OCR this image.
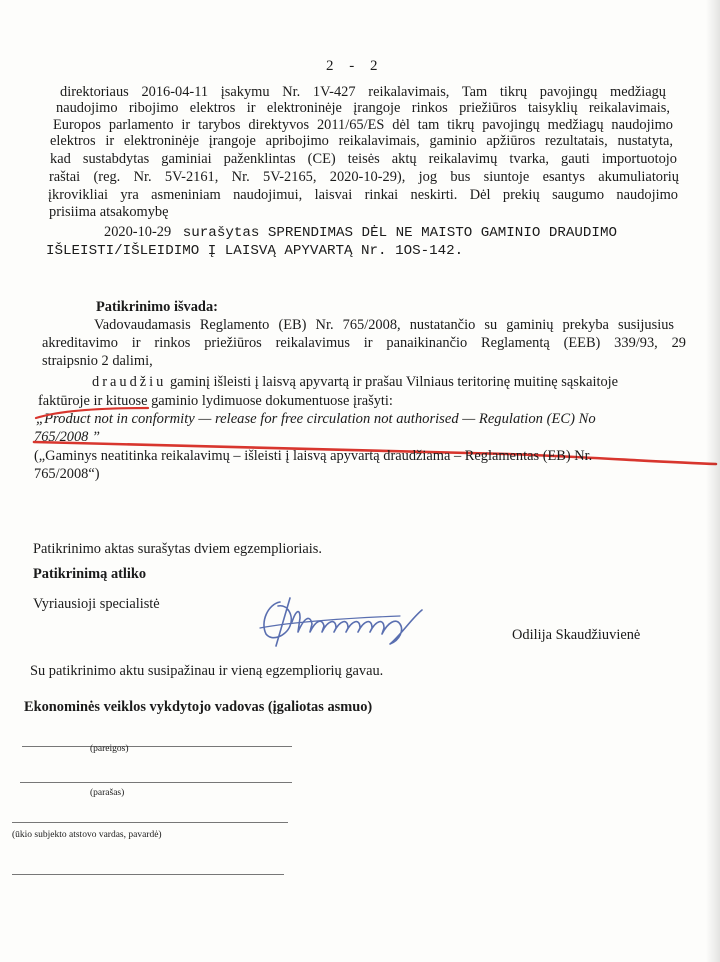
2 - 2
direktoriaus 2016-04-11 įsakymu Nr. 1V-427 reikalavimais, Tam tikrų pavojingų medžiagų
naudojimo ribojimo elektros ir elektroninėje įrangoje rinkos priežiūros taisyklių reikalavimais,
Europos parlamento ir tarybos direktyvos 2011/65/ES dėl tam tikrų pavojingų medžiagų naudojimo
elektros ir elektroninėje įrangoje apribojimo reikalavimais, gaminio apžiūros rezultatais, nustatyta,
kad sustabdytas gaminiai paženklintas (CE) teisės aktų reikalavimų tvarka, gauti importuotojo
raštai (reg. Nr. 5V-2161, Nr. 5V-2165, 2020-10-29), jog bus siuntoje esantys akumuliatorių
įkrovikliai yra asmeniniam naudojimui, laisvai rinkai neskirti. Dėl prekių saugumo naudojimo
prisiima atsakomybę
2020-10-29 surašytas SPRENDIMAS DĖL NE MAISTO GAMINIO DRAUDIMO
IŠLEISTI/IŠLEIDIMO Į LAISVĄ APYVARTĄ Nr. 1OS-142.
Patikrinimo išvada:
Vadovaudamasis Reglamento (EB) Nr. 765/2008, nustatančio su gaminių prekyba susijusius
akreditavimo ir rinkos priežiūros reikalavimus ir panaikinančio Reglamentą (EEB) 339/93, 29
straipsnio 2 dalimi,
draudžiu gaminį išleisti į laisvą apyvartą ir prašau Vilniaus teritorinę muitinę sąskaitoje
faktūroje ir kituose gaminio lydimuose dokumentuose įrašyti:
„Product not in conformity — release for free circulation not authorised — Regulation (EC) No
765/2008 ”
(„Gaminys neatitinka reikalavimų – išleisti į laisvą apyvartą draudžiama – Reglamentas (EB) Nr.
765/2008“)
Patikrinimo aktas surašytas dviem egzemplioriais.
Patikrinimą atliko
Vyriausioji specialistė
Odilija Skaudžiuvienė
Su patikrinimo aktu susipažinau ir vieną egzempliorių gavau.
Ekonominės veiklos vykdytojo vadovas (įgaliotas asmuo)
(pareigos)
(parašas)
(ūkio subjekto atstovo vardas, pavardė)
